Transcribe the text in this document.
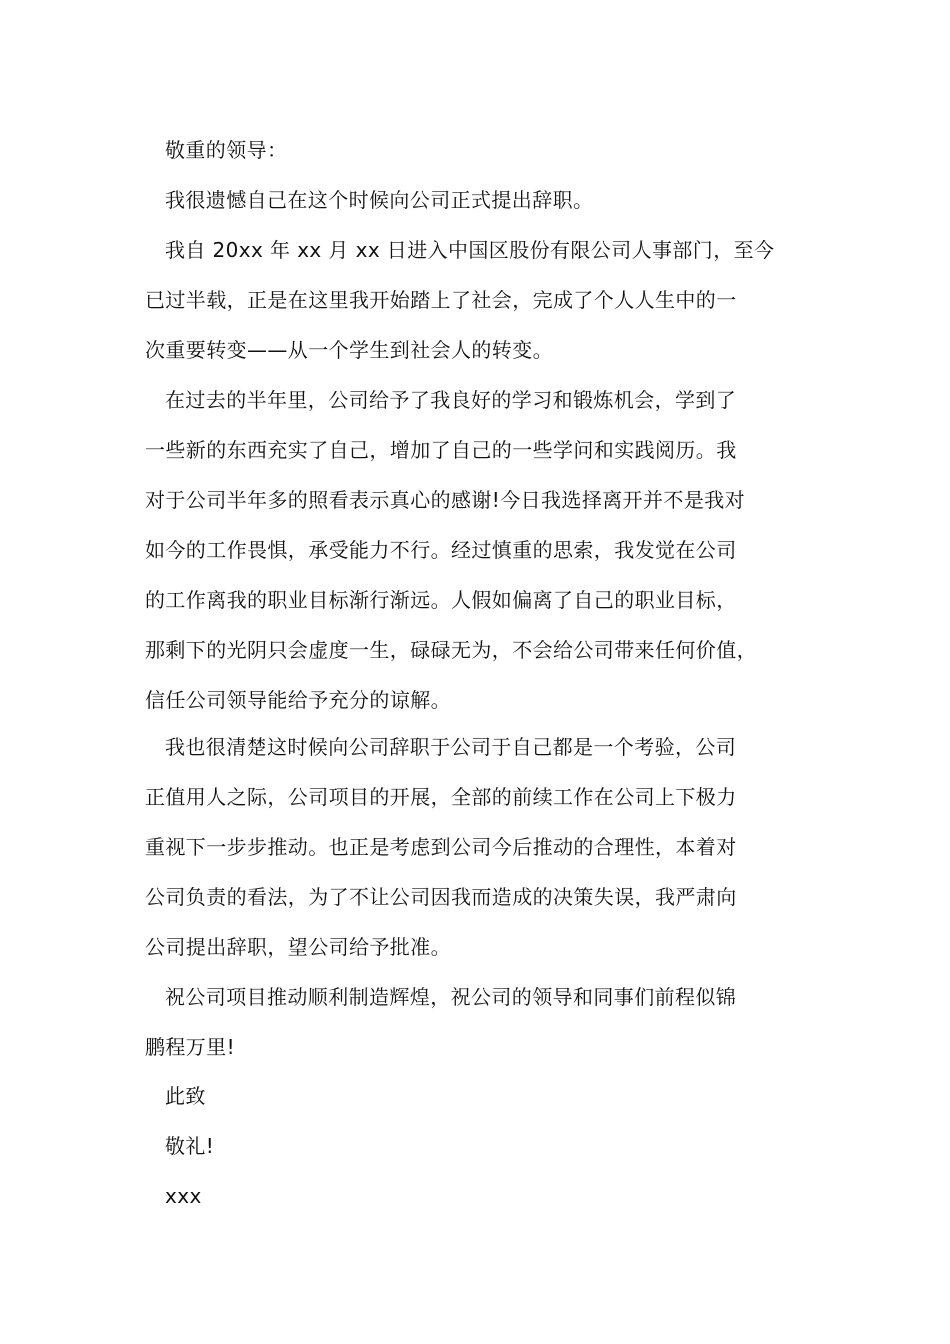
敬重的领导：

我很遗憾自己在这个时候向公司正式提出辞职。

我自 20xx 年 xx 月 xx 日进入中国区股份有限公司人事部门，至今
已过半载，正是在这里我开始踏上了社会，完成了个人人生中的一
次重要转变——从一个学生到社会人的转变。
在过去的半年里，公司给予了我良好的学习和锻炼机会，学到了
一些新的东西充实了自己，增加了自己的一些学问和实践阅历。我
对于公司半年多的照看表示真心的感谢!今日我选择离开并不是我对
如今的工作畏惧，承受能力不行。经过慎重的思索，我发觉在公司
的工作离我的职业目标渐行渐远。人假如偏离了自己的职业目标，
那剩下的光阴只会虚度一生，碌碌无为，不会给公司带来任何价值，
信任公司领导能给予充分的谅解。
我也很清楚这时候向公司辞职于公司于自己都是一个考验，公司
正值用人之际，公司项目的开展，全部的前续工作在公司上下极力
重视下一步步推动。也正是考虑到公司今后推动的合理性，本着对
公司负责的看法，为了不让公司因我而造成的决策失误，我严肃向
公司提出辞职，望公司给予批准。
祝公司项目推动顺利制造辉煌，祝公司的领导和同事们前程似锦
鹏程万里!

此致

敬礼!

xxx
